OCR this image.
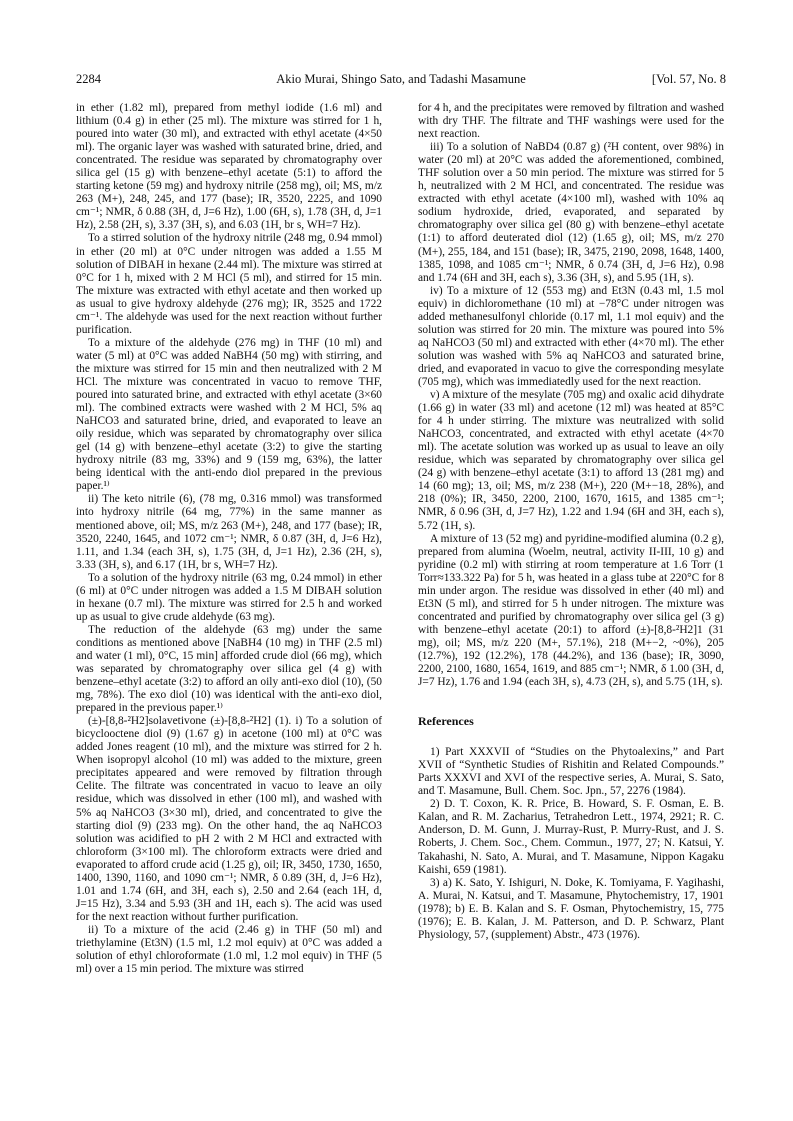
2284	Akio Murai, Shingo Sato, and Tadashi Masamune	[Vol. 57, No. 8

in ether (1.82 ml), prepared from methyl iodide (1.6 ml) and lithium (0.4 g) in ether (25 ml). The mixture was stirred for 1 h, poured into water (30 ml), and extracted with ethyl acetate (4×50 ml). The organic layer was washed with saturated brine, dried, and concentrated. The residue was separated by chromatography over silica gel (15 g) with benzene–ethyl acetate (5:1) to afford the starting ketone (59 mg) and hydroxy nitrile (258 mg), oil; MS, m/z 263 (M+), 248, 245, and 177 (base); IR, 3520, 2225, and 1090 cm⁻¹; NMR, δ 0.88 (3H, d, J=6 Hz), 1.00 (6H, s), 1.78 (3H, d, J=1 Hz), 2.58 (2H, s), 3.37 (3H, s), and 6.03 (1H, br s, WH=7 Hz).

To a stirred solution of the hydroxy nitrile (248 mg, 0.94 mmol) in ether (20 ml) at 0°C under nitrogen was added a 1.55 M solution of DIBAH in hexane (2.44 ml). The mixture was stirred at 0°C for 1 h, mixed with 2 M HCl (5 ml), and stirred for 15 min. The mixture was extracted with ethyl acetate and then worked up as usual to give hydroxy aldehyde (276 mg); IR, 3525 and 1722 cm⁻¹. The aldehyde was used for the next reaction without further purification.

To a mixture of the aldehyde (276 mg) in THF (10 ml) and water (5 ml) at 0°C was added NaBH4 (50 mg) with stirring, and the mixture was stirred for 15 min and then neutralized with 2 M HCl. The mixture was concentrated in vacuo to remove THF, poured into saturated brine, and extracted with ethyl acetate (3×60 ml). The combined extracts were washed with 2 M HCl, 5% aq NaHCO3 and saturated brine, dried, and evaporated to leave an oily residue, which was separated by chromatography over silica gel (14 g) with benzene–ethyl acetate (3:2) to give the starting hydroxy nitrile (83 mg, 33%) and 9 (159 mg, 63%), the latter being identical with the anti-endo diol prepared in the previous paper.¹⁾

ii) The keto nitrile (6), (78 mg, 0.316 mmol) was transformed into hydroxy nitrile (64 mg, 77%) in the same manner as mentioned above, oil; MS, m/z 263 (M+), 248, and 177 (base); IR, 3520, 2240, 1645, and 1072 cm⁻¹; NMR, δ 0.87 (3H, d, J=6 Hz), 1.11, and 1.34 (each 3H, s), 1.75 (3H, d, J=1 Hz), 2.36 (2H, s), 3.33 (3H, s), and 6.17 (1H, br s, WH=7 Hz).

To a solution of the hydroxy nitrile (63 mg, 0.24 mmol) in ether (6 ml) at 0°C under nitrogen was added a 1.5 M DIBAH solution in hexane (0.7 ml). The mixture was stirred for 2.5 h and worked up as usual to give crude aldehyde (63 mg).

The reduction of the aldehyde (63 mg) under the same conditions as mentioned above [NaBH4 (10 mg) in THF (2.5 ml) and water (1 ml), 0°C, 15 min] afforded crude diol (66 mg), which was separated by chromatography over silica gel (4 g) with benzene–ethyl acetate (3:2) to afford an oily anti-exo diol (10), (50 mg, 78%). The exo diol (10) was identical with the anti-exo diol, prepared in the previous paper.¹⁾

(±)-[8,8-²H2]solavetivone (±)-[8,8-²H2] (1). i) To a solution of bicyclooctene diol (9) (1.67 g) in acetone (100 ml) at 0°C was added Jones reagent (10 ml), and the mixture was stirred for 2 h. When isopropyl alcohol (10 ml) was added to the mixture, green precipitates appeared and were removed by filtration through Celite. The filtrate was concentrated in vacuo to leave an oily residue, which was dissolved in ether (100 ml), and washed with 5% aq NaHCO3 (3×30 ml), dried, and concentrated to give the starting diol (9) (233 mg). On the other hand, the aq NaHCO3 solution was acidified to pH 2 with 2 M HCl and extracted with chloroform (3×100 ml). The chloroform extracts were dried and evaporated to afford crude acid (1.25 g), oil; IR, 3450, 1730, 1650, 1400, 1390, 1160, and 1090 cm⁻¹; NMR, δ 0.89 (3H, d, J=6 Hz), 1.01 and 1.74 (6H, and 3H, each s), 2.50 and 2.64 (each 1H, d, J=15 Hz), 3.34 and 5.93 (3H and 1H, each s). The acid was used for the next reaction without further purification.

ii) To a mixture of the acid (2.46 g) in THF (50 ml) and triethylamine (Et3N) (1.5 ml, 1.2 mol equiv) at 0°C was added a solution of ethyl chloroformate (1.0 ml, 1.2 mol equiv) in THF (5 ml) over a 15 min period. The mixture was stirred

for 4 h, and the precipitates were removed by filtration and washed with dry THF. The filtrate and THF washings were used for the next reaction.

iii) To a solution of NaBD4 (0.87 g) (²H content, over 98%) in water (20 ml) at 20°C was added the aforementioned, combined, THF solution over a 50 min period. The mixture was stirred for 5 h, neutralized with 2 M HCl, and concentrated. The residue was extracted with ethyl acetate (4×100 ml), washed with 10% aq sodium hydroxide, dried, evaporated, and separated by chromatography over silica gel (80 g) with benzene–ethyl acetate (1:1) to afford deuterated diol (12) (1.65 g), oil; MS, m/z 270 (M+), 255, 184, and 151 (base); IR, 3475, 2190, 2098, 1648, 1400, 1385, 1098, and 1085 cm⁻¹; NMR, δ 0.74 (3H, d, J=6 Hz), 0.98 and 1.74 (6H and 3H, each s), 3.36 (3H, s), and 5.95 (1H, s).

iv) To a mixture of 12 (553 mg) and Et3N (0.43 ml, 1.5 mol equiv) in dichloromethane (10 ml) at −78°C under nitrogen was added methanesulfonyl chloride (0.17 ml, 1.1 mol equiv) and the solution was stirred for 20 min. The mixture was poured into 5% aq NaHCO3 (50 ml) and extracted with ether (4×70 ml). The ether solution was washed with 5% aq NaHCO3 and saturated brine, dried, and evaporated in vacuo to give the corresponding mesylate (705 mg), which was immediatedly used for the next reaction.

v) A mixture of the mesylate (705 mg) and oxalic acid dihydrate (1.66 g) in water (33 ml) and acetone (12 ml) was heated at 85°C for 4 h under stirring. The mixture was neutralized with solid NaHCO3, concentrated, and extracted with ethyl acetate (4×70 ml). The acetate solution was worked up as usual to leave an oily residue, which was separated by chromatography over silica gel (24 g) with benzene–ethyl acetate (3:1) to afford 13 (281 mg) and 14 (60 mg); 13, oil; MS, m/z 238 (M+), 220 (M+−18, 28%), and 218 (0%); IR, 3450, 2200, 2100, 1670, 1615, and 1385 cm⁻¹; NMR, δ 0.96 (3H, d, J=7 Hz), 1.22 and 1.94 (6H and 3H, each s), 5.72 (1H, s).

A mixture of 13 (52 mg) and pyridine-modified alumina (0.2 g), prepared from alumina (Woelm, neutral, activity II-III, 10 g) and pyridine (0.2 ml) with stirring at room temperature at 1.6 Torr (1 Torr≈133.322 Pa) for 5 h, was heated in a glass tube at 220°C for 8 min under argon. The residue was dissolved in ether (40 ml) and Et3N (5 ml), and stirred for 5 h under nitrogen. The mixture was concentrated and purified by chromatography over silica gel (3 g) with benzene–ethyl acetate (20:1) to afford (±)-[8,8-²H2]1 (31 mg), oil; MS, m/z 220 (M+, 57.1%), 218 (M+−2, ~0%), 205 (12.7%), 192 (12.2%), 178 (44.2%), and 136 (base); IR, 3090, 2200, 2100, 1680, 1654, 1619, and 885 cm⁻¹; NMR, δ 1.00 (3H, d, J=7 Hz), 1.76 and 1.94 (each 3H, s), 4.73 (2H, s), and 5.75 (1H, s).

References

1) Part XXXVII of “Studies on the Phytoalexins,” and Part XVII of “Synthetic Studies of Rishitin and Related Compounds.” Parts XXXVI and XVI of the respective series, A. Murai, S. Sato, and T. Masamune, Bull. Chem. Soc. Jpn., 57, 2276 (1984).

2) D. T. Coxon, K. R. Price, B. Howard, S. F. Osman, E. B. Kalan, and R. M. Zacharius, Tetrahedron Lett., 1974, 2921; R. C. Anderson, D. M. Gunn, J. Murray-Rust, P. Murry-Rust, and J. S. Roberts, J. Chem. Soc., Chem. Commun., 1977, 27; N. Katsui, Y. Takahashi, N. Sato, A. Murai, and T. Masamune, Nippon Kagaku Kaishi, 659 (1981).

3) a) K. Sato, Y. Ishiguri, N. Doke, K. Tomiyama, F. Yagihashi, A. Murai, N. Katsui, and T. Masamune, Phytochemistry, 17, 1901 (1978); b) E. B. Kalan and S. F. Osman, Phytochemistry, 15, 775 (1976); E. B. Kalan, J. M. Patterson, and D. P. Schwarz, Plant Physiology, 57, (supplement) Abstr., 473 (1976).
